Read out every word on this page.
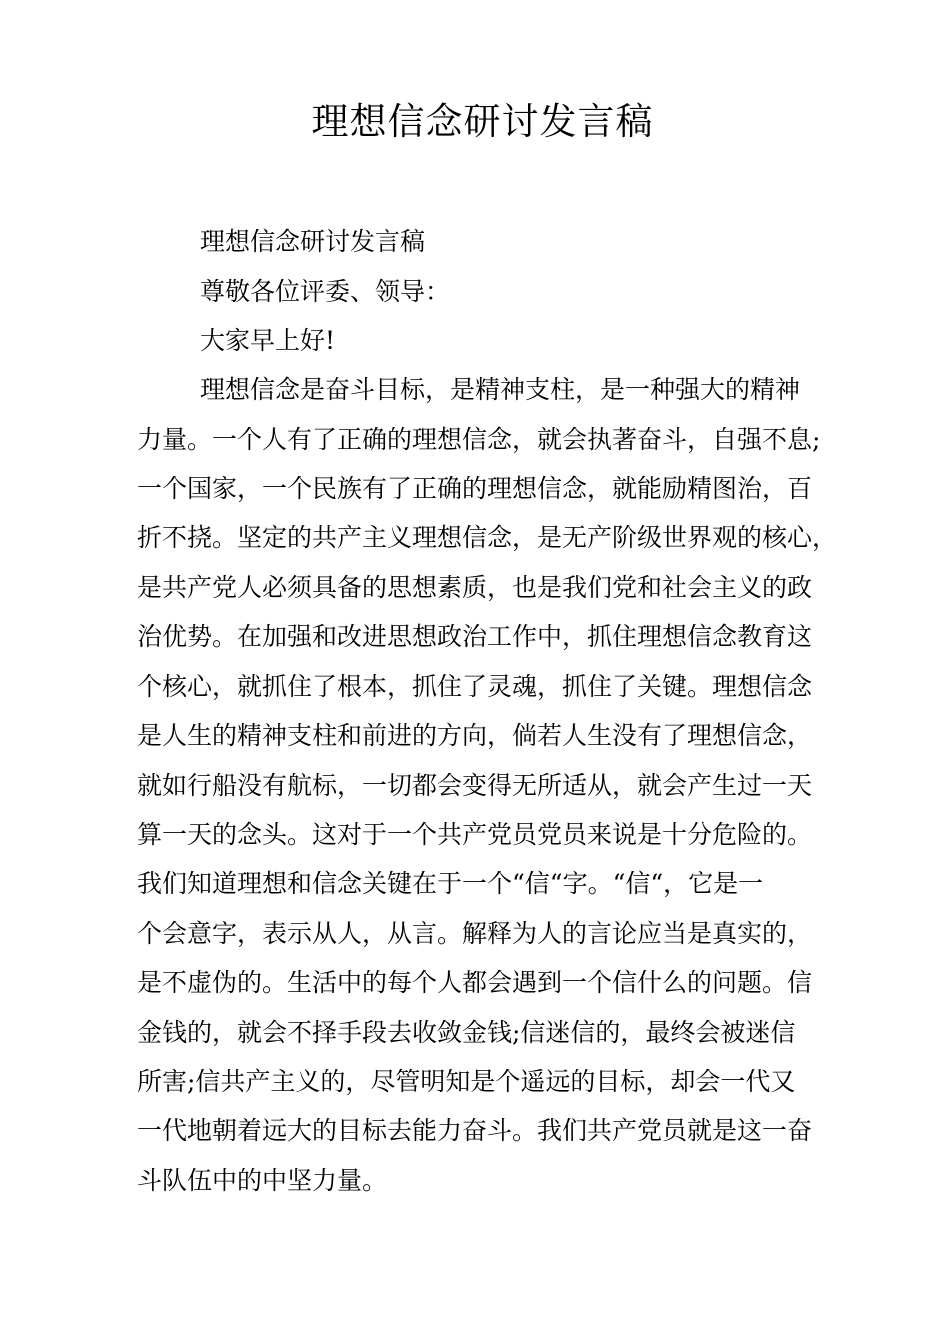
理想信念研讨发言稿
理想信念研讨发言稿
尊敬各位评委、领导：
大家早上好!
理想信念是奋斗目标，是精神支柱，是一种强大的精神
力量。一个人有了正确的理想信念，就会执著奋斗，自强不息;
一个国家，一个民族有了正确的理想信念，就能励精图治，百
折不挠。坚定的共产主义理想信念，是无产阶级世界观的核心，
是共产党人必须具备的思想素质，也是我们党和社会主义的政
治优势。在加强和改进思想政治工作中，抓住理想信念教育这
个核心，就抓住了根本，抓住了灵魂，抓住了关键。理想信念
是人生的精神支柱和前进的方向，倘若人生没有了理想信念，
就如行船没有航标，一切都会变得无所适从，就会产生过一天
算一天的念头。这对于一个共产党员党员来说是十分危险的。
我们知道理想和信念关键在于一个“信“字。“信“，它是一
个会意字，表示从人，从言。解释为人的言论应当是真实的，
是不虚伪的。生活中的每个人都会遇到一个信什么的问题。信
金钱的，就会不择手段去收敛金钱;信迷信的，最终会被迷信
所害;信共产主义的，尽管明知是个遥远的目标，却会一代又
一代地朝着远大的目标去能力奋斗。我们共产党员就是这一奋
斗队伍中的中坚力量。
